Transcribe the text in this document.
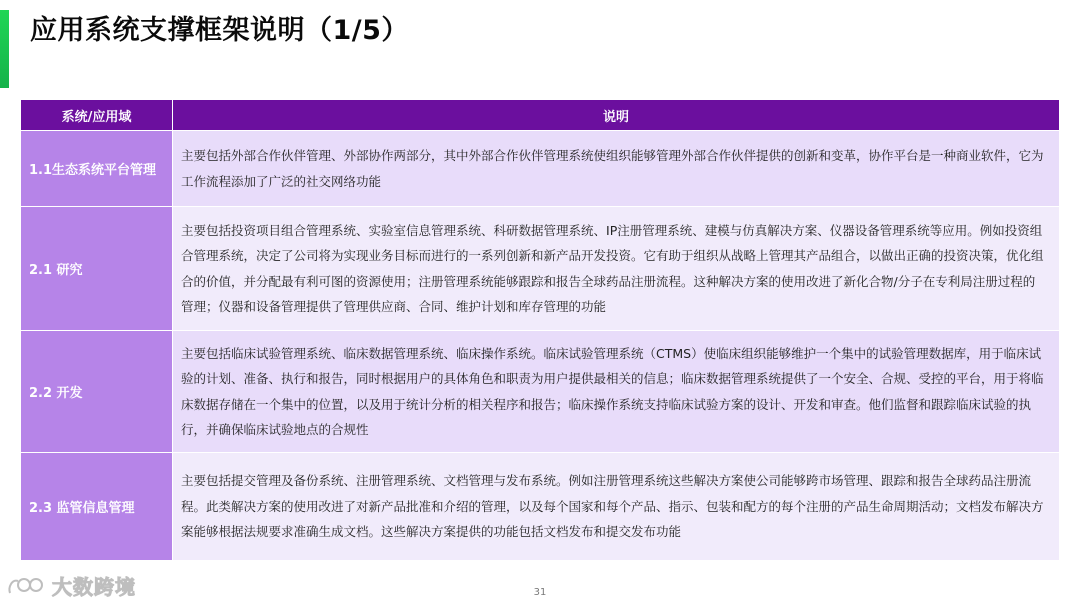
应用系统支撑框架说明（1/5）
系统/应用域	说明
1.1生态系统平台管理	主要包括外部合作伙伴管理、外部协作两部分，其中外部合作伙伴管理系统使组织能够管理外部合作伙伴提供的创新和变革，协作平台是一种商业软件，它为工作流程添加了广泛的社交网络功能
2.1 研究	主要包括投资项目组合管理系统、实验室信息管理系统、科研数据管理系统、IP注册管理系统、建模与仿真解决方案、仪器设备管理系统等应用。例如投资组合管理系统，决定了公司将为实现业务目标而进行的一系列创新和新产品开发投资。它有助于组织从战略上管理其产品组合，以做出正确的投资决策，优化组合的价值，并分配最有利可图的资源使用；注册管理系统能够跟踪和报告全球药品注册流程。这种解决方案的使用改进了新化合物/分子在专利局注册过程的管理；仪器和设备管理提供了管理供应商、合同、维护计划和库存管理的功能
2.2 开发	主要包括临床试验管理系统、临床数据管理系统、临床操作系统。临床试验管理系统（CTMS）使临床组织能够维护一个集中的试验管理数据库，用于临床试验的计划、准备、执行和报告，同时根据用户的具体角色和职责为用户提供最相关的信息；临床数据管理系统提供了一个安全、合规、受控的平台，用于将临床数据存储在一个集中的位置，以及用于统计分析的相关程序和报告；临床操作系统支持临床试验方案的设计、开发和审查。他们监督和跟踪临床试验的执行，并确保临床试验地点的合规性
2.3 监管信息管理	主要包括提交管理及备份系统、注册管理系统、文档管理与发布系统。例如注册管理系统这些解决方案使公司能够跨市场管理、跟踪和报告全球药品注册流程。此类解决方案的使用改进了对新产品批准和介绍的管理，以及每个国家和每个产品、指示、包装和配方的每个注册的产品生命周期活动；文档发布解决方案能够根据法规要求准确生成文档。这些解决方案提供的功能包括文档发布和提交发布功能
大数跨境	31
